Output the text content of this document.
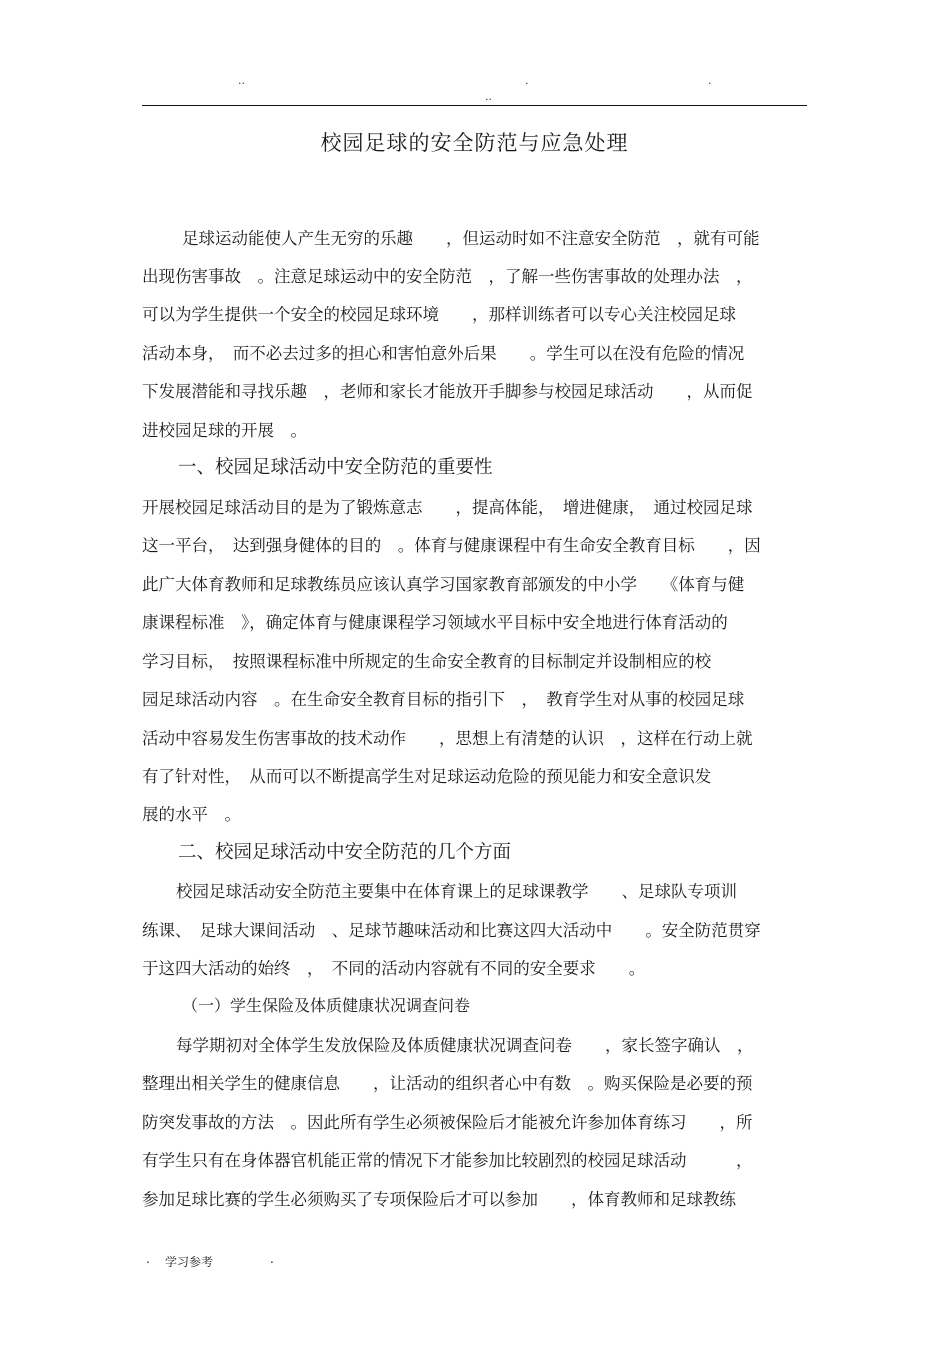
..	.	.
..
校园足球的安全防范与应急处理
足球运动能使人产生无穷的乐趣　　，但运动时如不注意安全防范　，就有可能
出现伤害事故　。注意足球运动中的安全防范　，了解一些伤害事故的处理办法　，
可以为学生提供一个安全的校园足球环境　　，那样训练者可以专心关注校园足球
活动本身，　而不必去过多的担心和害怕意外后果　　。学生可以在没有危险的情况
下发展潜能和寻找乐趣　，老师和家长才能放开手脚参与校园足球活动　　，从而促
进校园足球的开展　。
一、校园足球活动中安全防范的重要性
开展校园足球活动目的是为了锻炼意志　　，提高体能，　增进健康，　通过校园足球
这一平台，　达到强身健体的目的　。体育与健康课程中有生命安全教育目标　　，因
此广大体育教师和足球教练员应该认真学习国家教育部颁发的中小学　　《体育与健
康课程标准　》，确定体育与健康课程学习领域水平目标中安全地进行体育活动的
学习目标，　按照课程标准中所规定的生命安全教育的目标制定并设制相应的校
园足球活动内容　。在生命安全教育目标的指引下　，　教育学生对从事的校园足球
活动中容易发生伤害事故的技术动作　　，思想上有清楚的认识　，这样在行动上就
有了针对性，　从而可以不断提高学生对足球运动危险的预见能力和安全意识发
展的水平　。
二、校园足球活动中安全防范的几个方面
校园足球活动安全防范主要集中在体育课上的足球课教学　　、足球队专项训
练课、　足球大课间活动　、足球节趣味活动和比赛这四大活动中　　。安全防范贯穿
于这四大活动的始终　，　不同的活动内容就有不同的安全要求　　。
（一）学生保险及体质健康状况调查问卷
每学期初对全体学生发放保险及体质健康状况调查问卷　　，家长签字确认　，
整理出相关学生的健康信息　　，让活动的组织者心中有数　。购买保险是必要的预
防突发事故的方法　。因此所有学生必须被保险后才能被允许参加体育练习　　，所
有学生只有在身体器官机能正常的情况下才能参加比较剧烈的校园足球活动　　　，
参加足球比赛的学生必须购买了专项保险后才可以参加　　，体育教师和足球教练
. 学习参考	.
